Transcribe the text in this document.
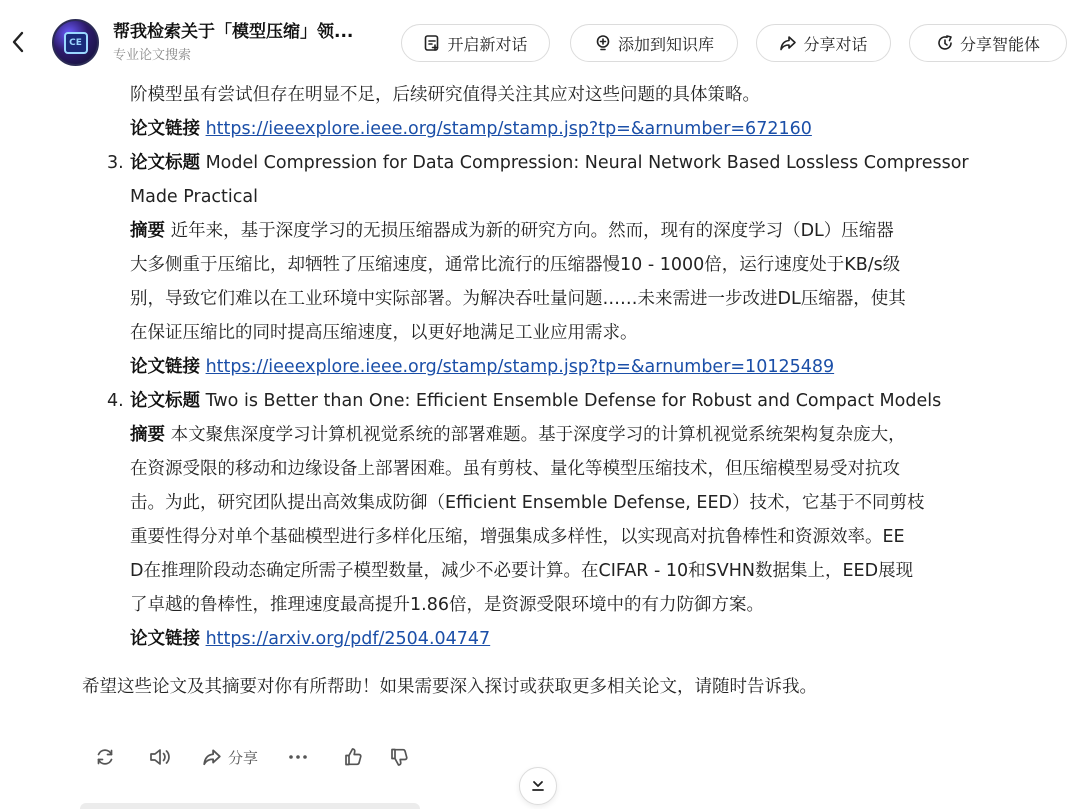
CE
帮我检索关于「模型压缩」领...
专业论文搜索
开启新对话	添加到知识库	分享对话	分享智能体
阶模型虽有尝试但存在明显不足，后续研究值得关注其应对这些问题的具体策略。
论文链接 https://ieeexplore.ieee.org/stamp/stamp.jsp?tp=&arnumber=672160
3. 论文标题 Model Compression for Data Compression: Neural Network Based Lossless Compressor
Made Practical
摘要 近年来，基于深度学习的无损压缩器成为新的研究方向。然而，现有的深度学习（DL）压缩器
大多侧重于压缩比，却牺牲了压缩速度，通常比流行的压缩器慢10 - 1000倍，运行速度处于KB/s级
别，导致它们难以在工业环境中实际部署。为解决吞吐量问题……未来需进一步改进DL压缩器，使其
在保证压缩比的同时提高压缩速度，以更好地满足工业应用需求。
论文链接 https://ieeexplore.ieee.org/stamp/stamp.jsp?tp=&arnumber=10125489
4. 论文标题 Two is Better than One: Efficient Ensemble Defense for Robust and Compact Models
摘要 本文聚焦深度学习计算机视觉系统的部署难题。基于深度学习的计算机视觉系统架构复杂庞大，
在资源受限的移动和边缘设备上部署困难。虽有剪枝、量化等模型压缩技术，但压缩模型易受对抗攻
击。为此，研究团队提出高效集成防御（Efficient Ensemble Defense, EED）技术，它基于不同剪枝
重要性得分对单个基础模型进行多样化压缩，增强集成多样性，以实现高对抗鲁棒性和资源效率。EE
D在推理阶段动态确定所需子模型数量，减少不必要计算。在CIFAR - 10和SVHN数据集上，EED展现
了卓越的鲁棒性，推理速度最高提升1.86倍，是资源受限环境中的有力防御方案。
论文链接 https://arxiv.org/pdf/2504.04747
希望这些论文及其摘要对你有所帮助！如果需要深入探讨或获取更多相关论文，请随时告诉我。
分享
